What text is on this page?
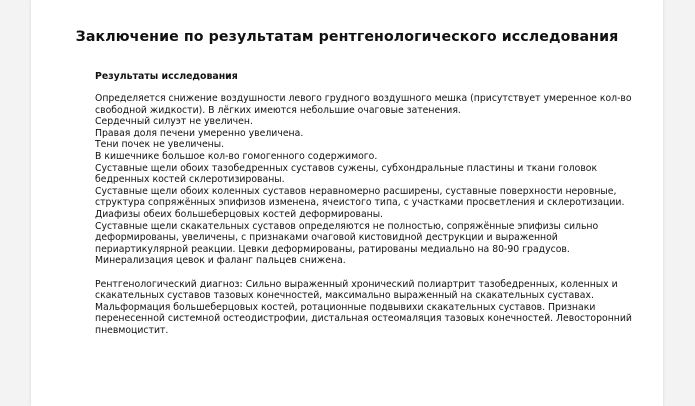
Заключение по результатам рентгенологического исследования
Результаты исследования
Определяется снижение воздушности левого грудного воздушного мешка (присутствует умеренное кол-во
свободной жидкости). В лёгких имеются небольшие очаговые затенения.
Сердечный силуэт не увеличен.
Правая доля печени умеренно увеличена.
Тени почек не увеличены.
В кишечнике большое кол-во гомогенного содержимого.
Суставные щели обоих тазобедренных суставов сужены, субхондральные пластины и ткани головок
бедренных костей склеротизированы.
Суставные щели обоих коленных суставов неравномерно расширены, суставные поверхности неровные,
структура сопряжённых эпифизов изменена, ячеистого типа, с участками просветления и склеротизации.
Диафизы обеих большеберцовых костей деформированы.
Суставные щели скакательных суставов определяются не полностью, сопряжённые эпифизы сильно
деформированы, увеличены, с признаками очаговой кистовидной деструкции и выраженной
периартикулярной реакции. Цевки деформированы, ратированы медиально на 80-90 градусов.
Минерализация цевок и фаланг пальцев снижена.
Рентгенологический диагноз: Сильно выраженный хронический полиартрит тазобедренных, коленных и
скакательных суставов тазовых конечностей, максимально выраженный на скакательных суставах.
Мальформация большеберцовых костей, ротационные подвывихи скакательных суставов. Признаки
перенесенной системной остеодистрофии, дистальная остеомаляция тазовых конечностей. Левосторонний
пневмоцистит.
